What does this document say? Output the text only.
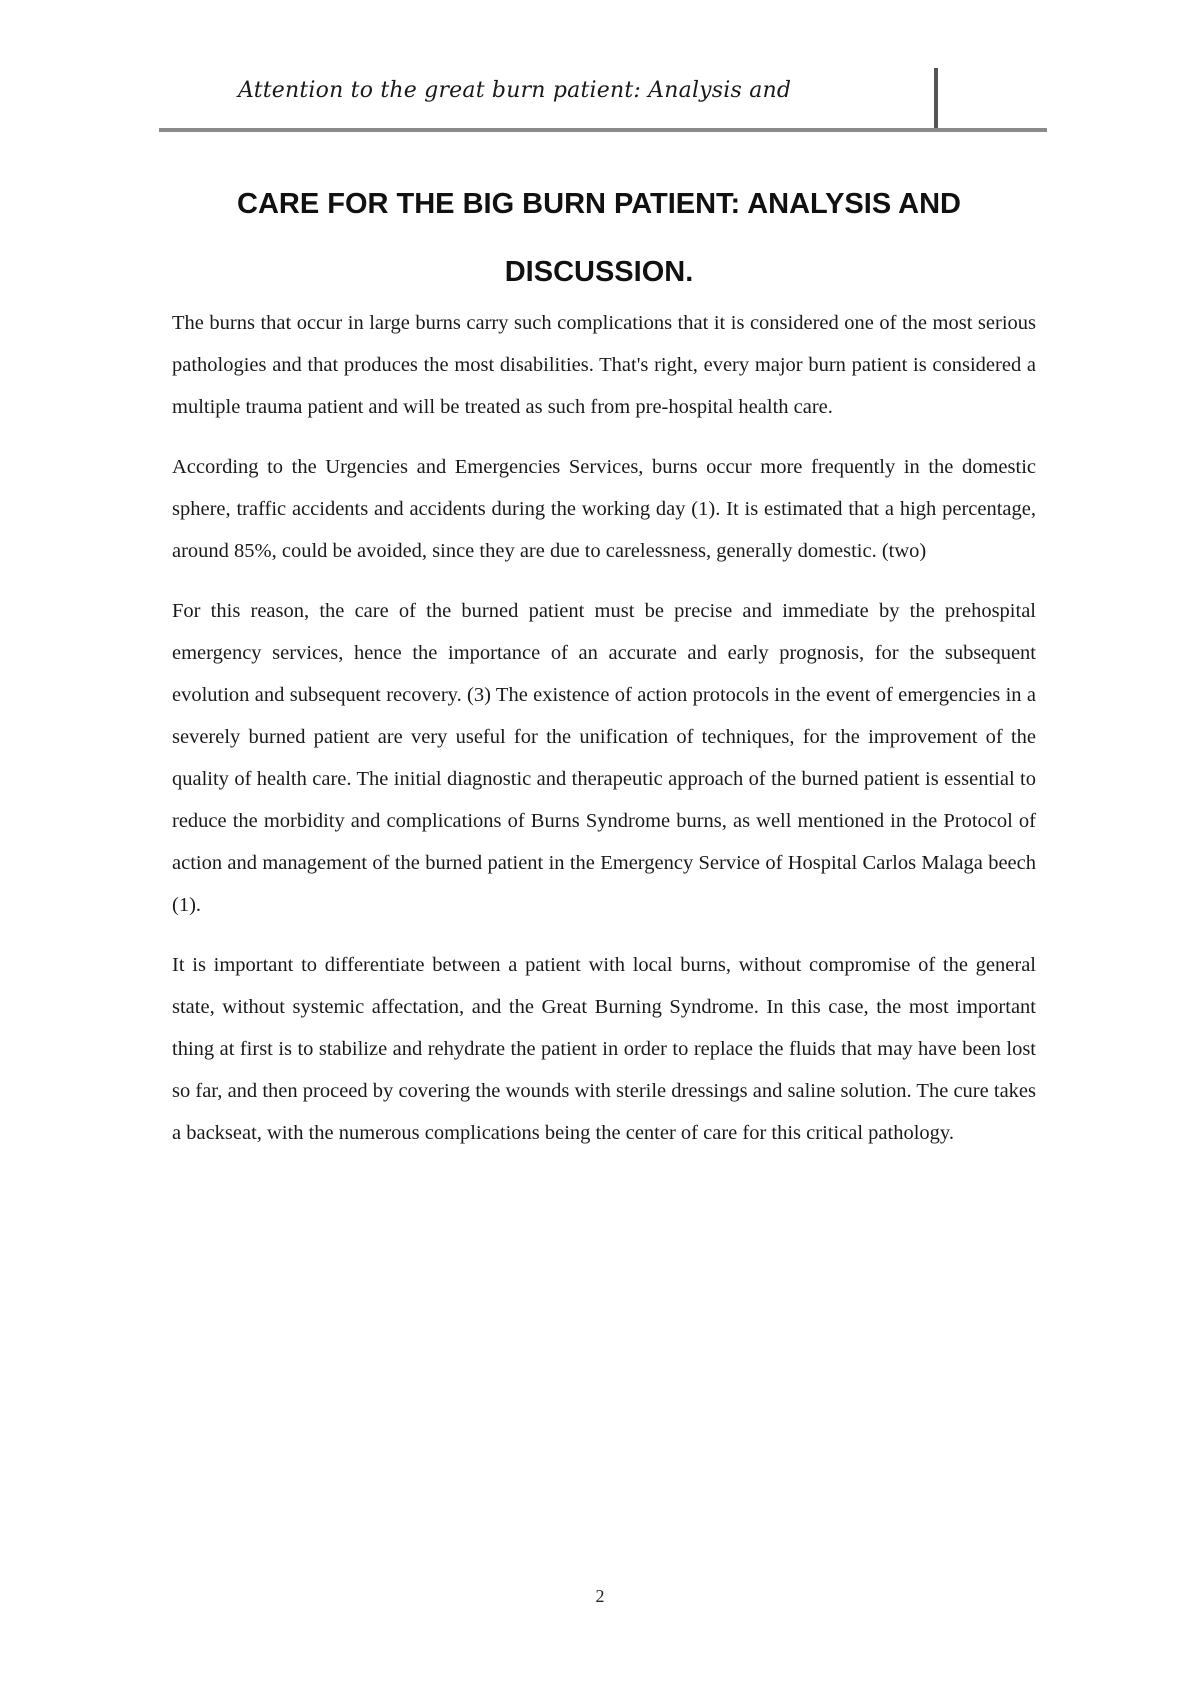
Attention to the great burn patient: Analysis and
CARE FOR THE BIG BURN PATIENT: ANALYSIS AND DISCUSSION.

The burns that occur in large burns carry such complications that it is considered one of the most serious pathologies and that produces the most disabilities. That's right, every major burn patient is considered a multiple trauma patient and will be treated as such from pre-hospital health care.

According to the Urgencies and Emergencies Services, burns occur more frequently in the domestic sphere, traffic accidents and accidents during the working day (1). It is estimated that a high percentage, around 85%, could be avoided, since they are due to carelessness, generally domestic. (two)

For this reason, the care of the burned patient must be precise and immediate by the prehospital emergency services, hence the importance of an accurate and early prognosis, for the subsequent evolution and subsequent recovery. (3) The existence of action protocols in the event of emergencies in a severely burned patient are very useful for the unification of techniques, for the improvement of the quality of health care. The initial diagnostic and therapeutic approach of the burned patient is essential to reduce the morbidity and complications of Burns Syndrome burns, as well mentioned in the Protocol of action and management of the burned patient in the Emergency Service of Hospital Carlos Malaga beech (1).

It is important to differentiate between a patient with local burns, without compromise of the general state, without systemic affectation, and the Great Burning Syndrome. In this case, the most important thing at first is to stabilize and rehydrate the patient in order to replace the fluids that may have been lost so far, and then proceed by covering the wounds with sterile dressings and saline solution. The cure takes a backseat, with the numerous complications being the center of care for this critical pathology.

2
